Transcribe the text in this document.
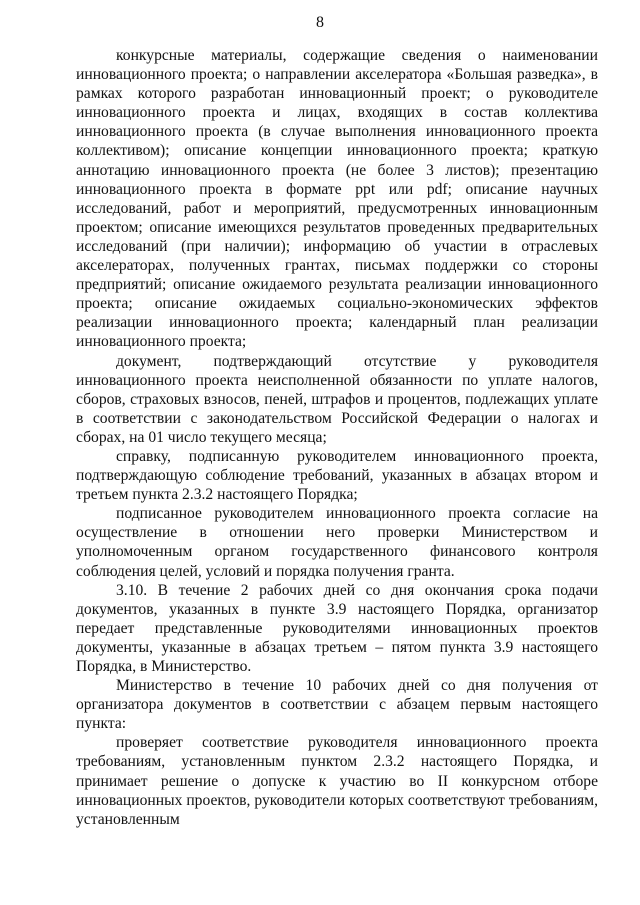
8

конкурсные материалы, содержащие сведения о наименовании инновационного проекта; о направлении акселератора «Большая разведка», в рамках которого разработан инновационный проект; о руководителе инновационного проекта и лицах, входящих в состав коллектива инновационного проекта (в случае выполнения инновационного проекта коллективом); описание концепции инновационного проекта; краткую аннотацию инновационного проекта (не более 3 листов); презентацию инновационного проекта в формате ppt или pdf; описание научных исследований, работ и мероприятий, предусмотренных инновационным проектом; описание имеющихся результатов проведенных предварительных исследований (при наличии); информацию об участии в отраслевых акселераторах, полученных грантах, письмах поддержки со стороны предприятий; описание ожидаемого результата реализации инновационного проекта; описание ожидаемых социально-экономических эффектов реализации инновационного проекта; календарный план реализации инновационного проекта;

документ, подтверждающий отсутствие у руководителя инновационного проекта неисполненной обязанности по уплате налогов, сборов, страховых взносов, пеней, штрафов и процентов, подлежащих уплате в соответствии с законодательством Российской Федерации о налогах и сборах, на 01 число текущего месяца;

справку, подписанную руководителем инновационного проекта, подтверждающую соблюдение требований, указанных в абзацах втором и третьем пункта 2.3.2 настоящего Порядка;

подписанное руководителем инновационного проекта согласие на осуществление в отношении него проверки Министерством и уполномоченным органом государственного финансового контроля соблюдения целей, условий и порядка получения гранта.

3.10. В течение 2 рабочих дней со дня окончания срока подачи документов, указанных в пункте 3.9 настоящего Порядка, организатор передает представленные руководителями инновационных проектов документы, указанные в абзацах третьем – пятом пункта 3.9 настоящего Порядка, в Министерство.

Министерство в течение 10 рабочих дней со дня получения от организатора документов в соответствии с абзацем первым настоящего пункта:

проверяет соответствие руководителя инновационного проекта требованиям, установленным пунктом 2.3.2 настоящего Порядка, и принимает решение о допуске к участию во II конкурсном отборе инновационных проектов, руководители которых соответствуют требованиям, установленным
